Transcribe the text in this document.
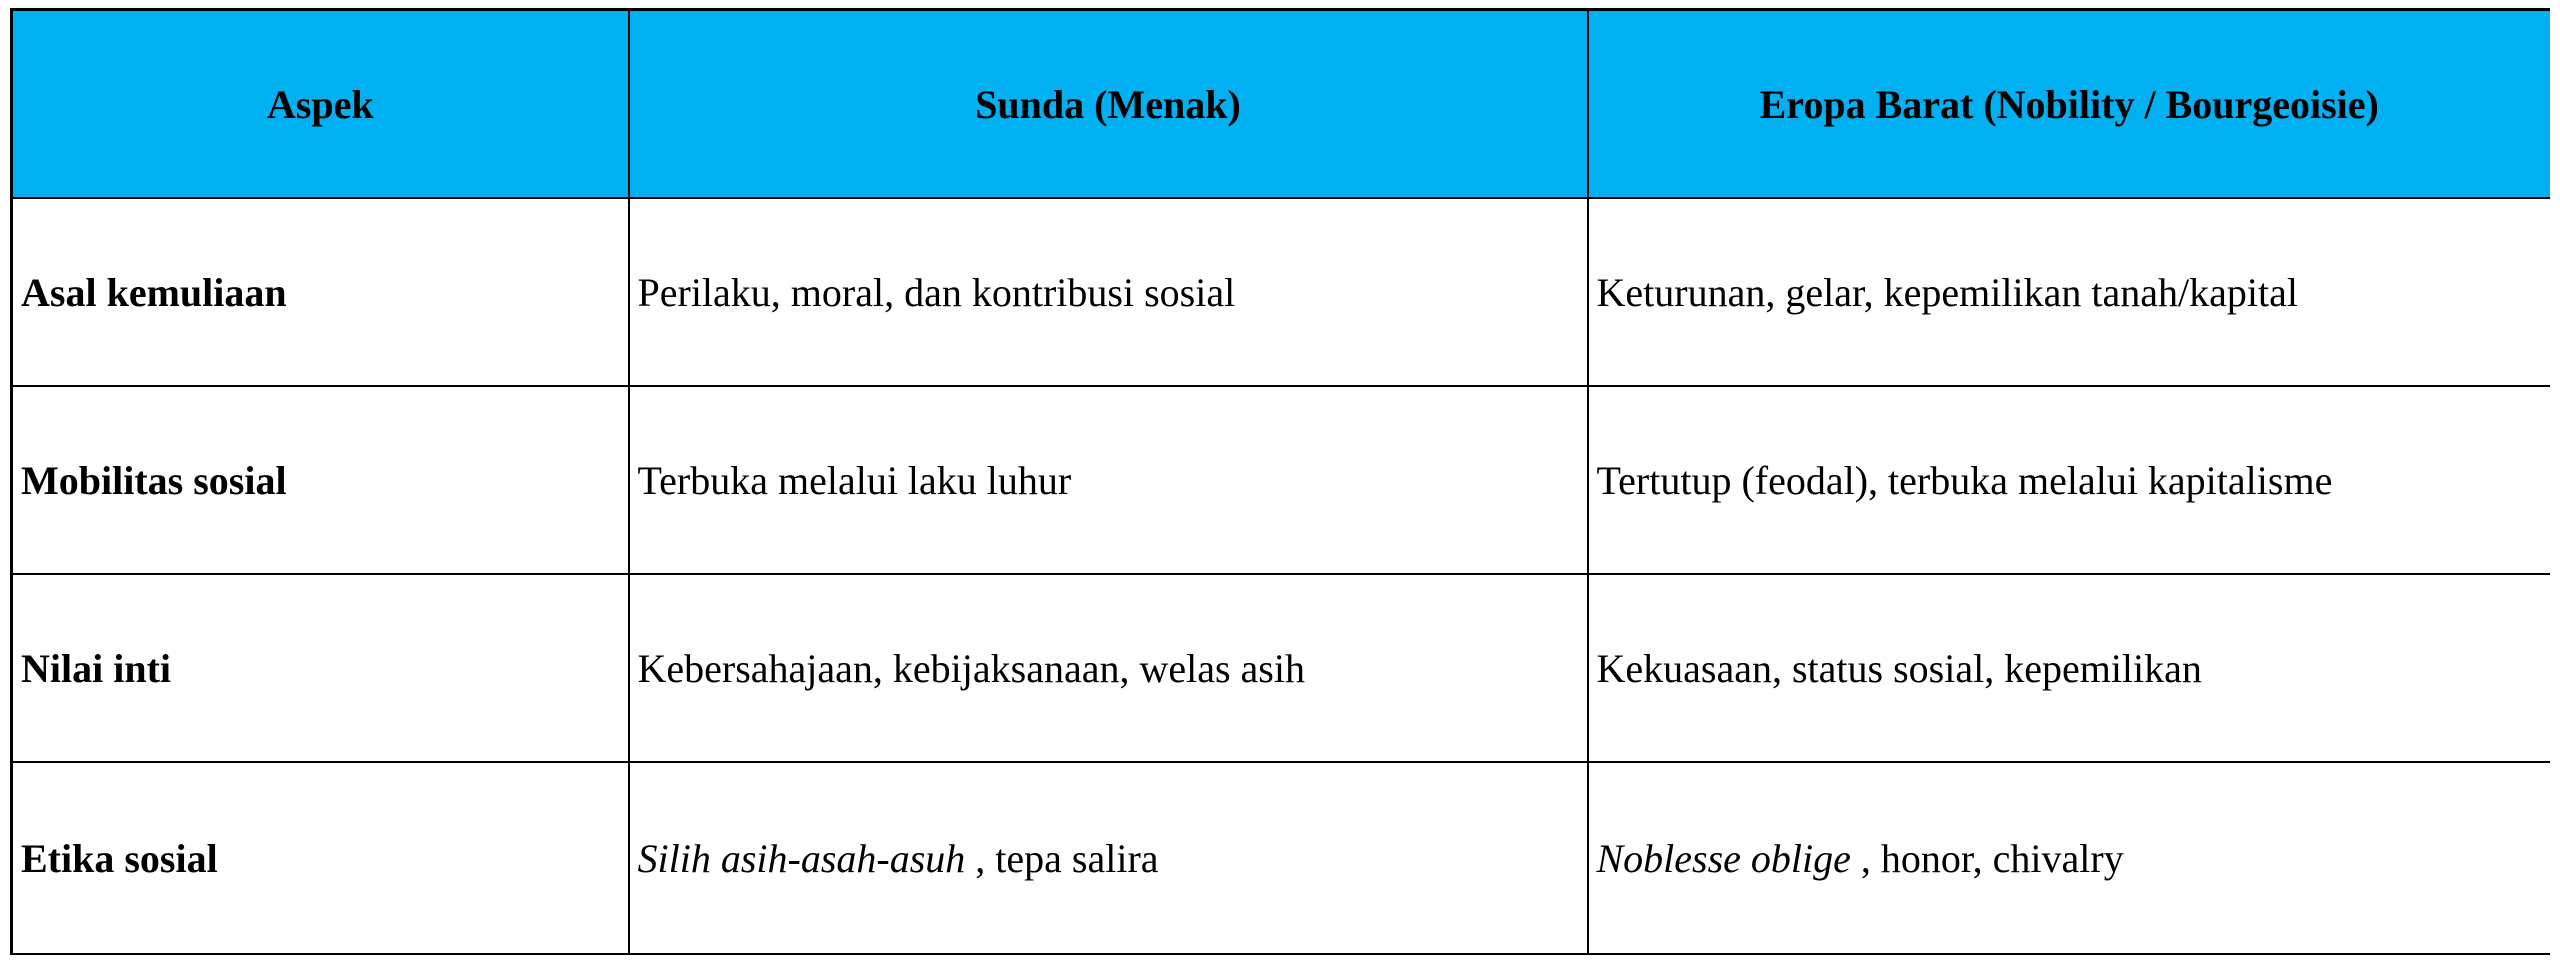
Aspek	Sunda (Menak)	Eropa Barat (Nobility / Bourgeoisie)
Asal kemuliaan	Perilaku, moral, dan kontribusi sosial	Keturunan, gelar, kepemilikan tanah/kapital
Mobilitas sosial	Terbuka melalui laku luhur	Tertutup (feodal), terbuka melalui kapitalisme
Nilai inti	Kebersahajaan, kebijaksanaan, welas asih	Kekuasaan, status sosial, kepemilikan
Etika sosial	Silih asih-asah-asuh , tepa salira	Noblesse oblige , honor, chivalry
